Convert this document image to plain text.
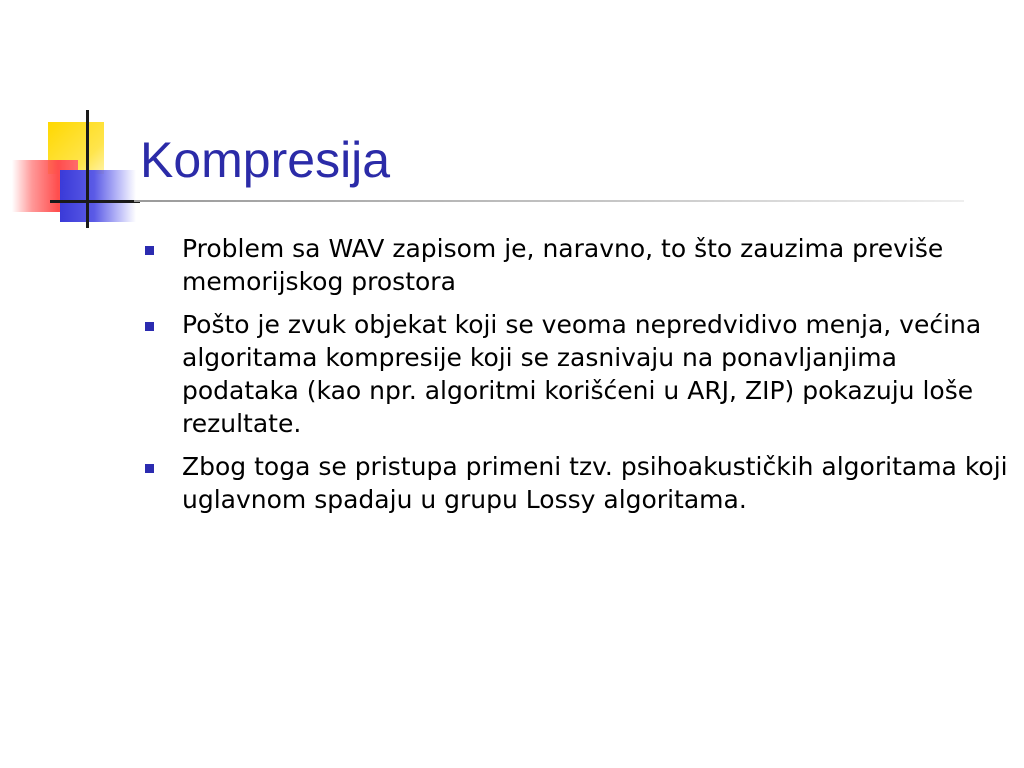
Kompresija
Problem sa WAV zapisom je, naravno, to što zauzima previše memorijskog prostora
Pošto je zvuk objekat koji se veoma nepredvidivo menja, većina algoritama kompresije koji se zasnivaju na ponavljanjima podataka (kao npr. algoritmi korišćeni u ARJ, ZIP) pokazuju loše rezultate.
Zbog toga se pristupa primeni tzv. psihoakustičkih algoritama koji uglavnom spadaju u grupu Lossy algoritama.
